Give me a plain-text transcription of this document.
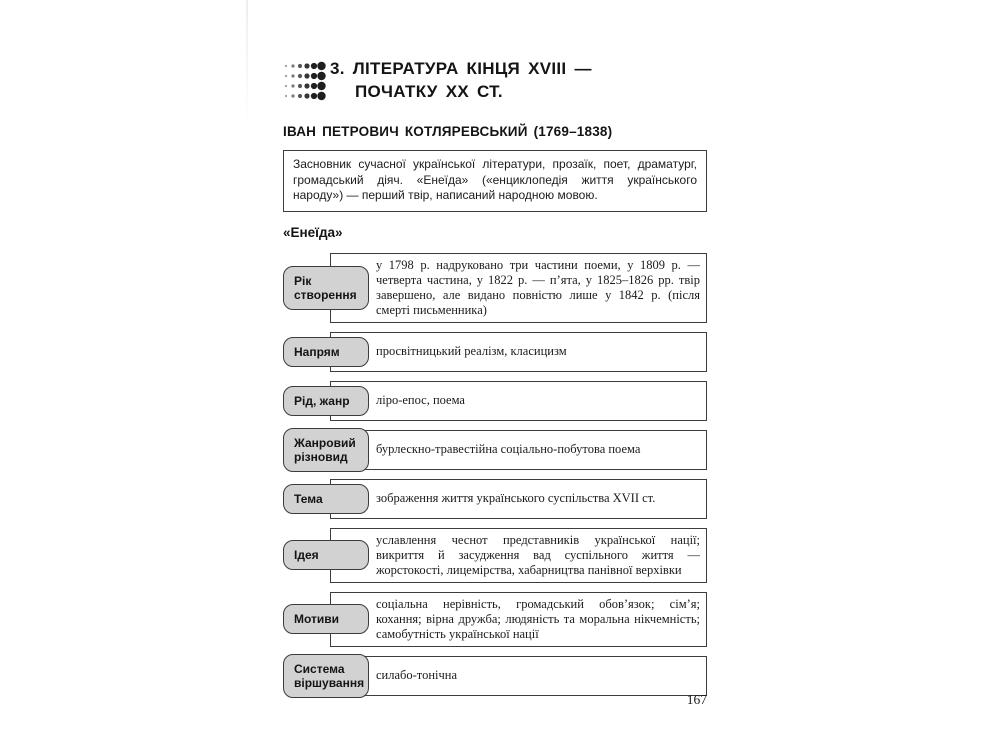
3. ЛІТЕРАТУРА КІНЦЯ XVIII —
ПОЧАТКУ XX СТ.
ІВАН ПЕТРОВИЧ КОТЛЯРЕВСЬКИЙ (1769–1838)
Засновник сучасної української літератури, прозаїк, поет, драматург, громадський діяч. «Енеїда» («енциклопедія життя українського народу») — перший твір, написаний народною мовою.
«Енеїда»
у 1798 р. надруковано три частини поеми, у 1809 р. — четверта частина, у 1822 р. — п’ята, у 1825–1826 рр. твір завершено, але видано повністю лише у 1842 р. (після смерті письменника)
Рік створення
просвітницький реалізм, класицизм
Напрям
ліро-епос, поема
Рід, жанр
бурлескно-травестійна соціально-побутова поема
Жанровий різновид
зображення життя українського суспільства XVII ст.
Тема
уславлення чеснот представників української нації; викриття й засудження вад суспільного життя — жорстокості, лицемірства, хабарництва панівної верхівки
Ідея
соціальна нерівність, громадський обов’язок; сім’я; кохання; вірна дружба; людяність та моральна нікчемність; самобутність української нації
Мотиви
силабо-тонічна
Система віршування
167
